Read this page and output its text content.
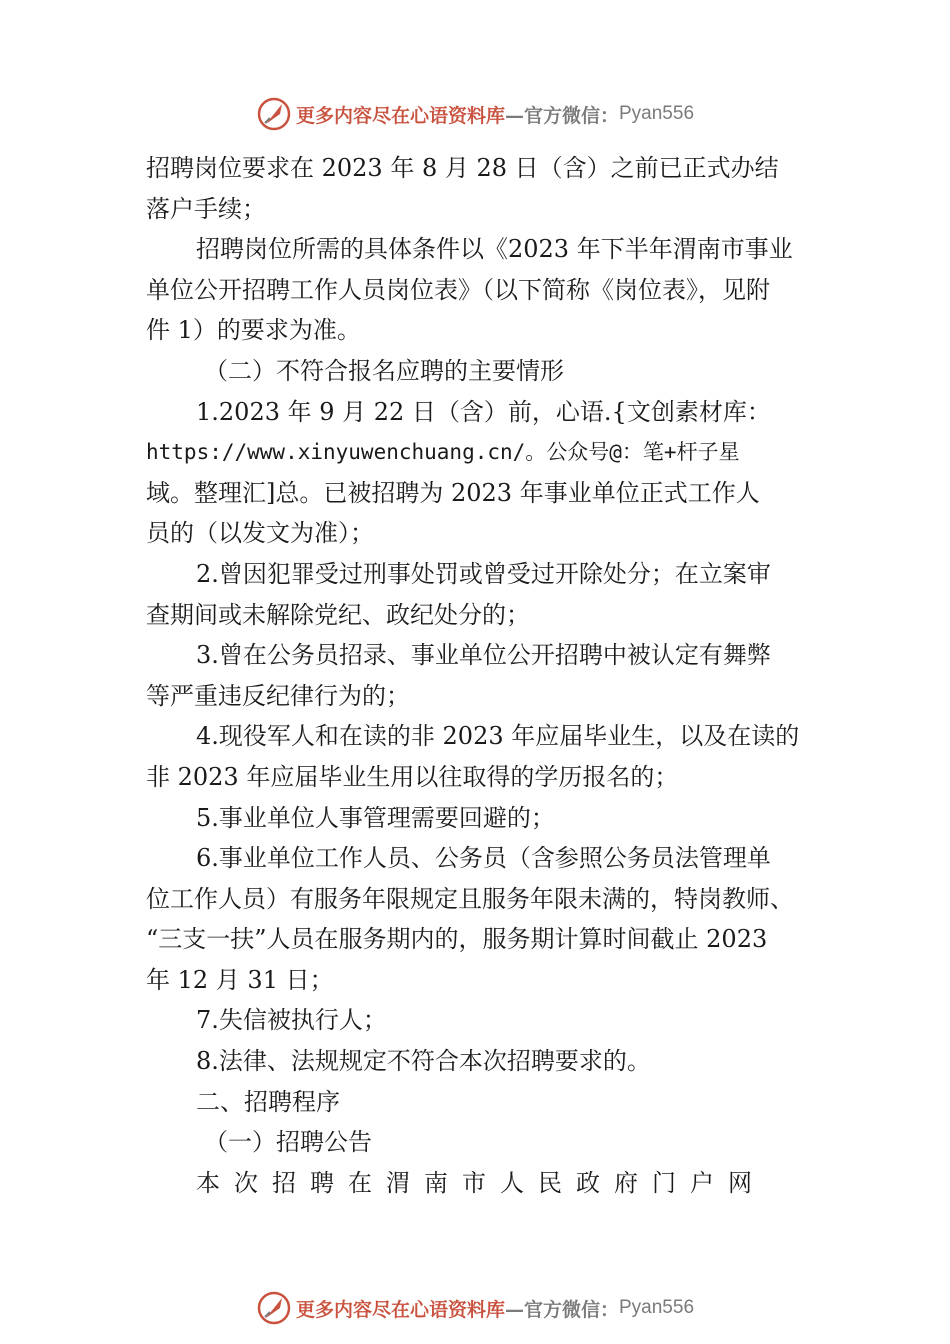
更多内容尽在心语资料库 —官方微信： Pyan556
招聘岗位要求在 2023 年 8 月 28 日（含）之前已正式办结
落户手续；
招聘岗位所需的具体条件以《2023 年下半年渭南市事业
单位公开招聘工作人员岗位表》（以下简称《岗位表》，见附
件 1）的要求为准。
（二）不符合报名应聘的主要情形
1.2023 年 9 月 22 日（含）前，心语.{文创素材库：
https://www.xinyuwenchuang.cn/。公众号@：笔+杆子星
域。整理汇]总。已被招聘为 2023 年事业单位正式工作人
员的（以发文为准）；
2.曾因犯罪受过刑事处罚或曾受过开除处分；在立案审
查期间或未解除党纪、政纪处分的；
3.曾在公务员招录、事业单位公开招聘中被认定有舞弊
等严重违反纪律行为的；
4.现役军人和在读的非 2023 年应届毕业生，以及在读的
非 2023 年应届毕业生用以往取得的学历报名的；
5.事业单位人事管理需要回避的；
6.事业单位工作人员、公务员（含参照公务员法管理单
位工作人员）有服务年限规定且服务年限未满的，特岗教师、
“三支一扶”人员在服务期内的，服务期计算时间截止 2023
年 12 月 31 日；
7.失信被执行人；
8.法律、法规规定不符合本次招聘要求的。
二、招聘程序
（一）招聘公告
本次招聘在渭南市人民政府门户网
更多内容尽在心语资料库 —官方微信： Pyan556
